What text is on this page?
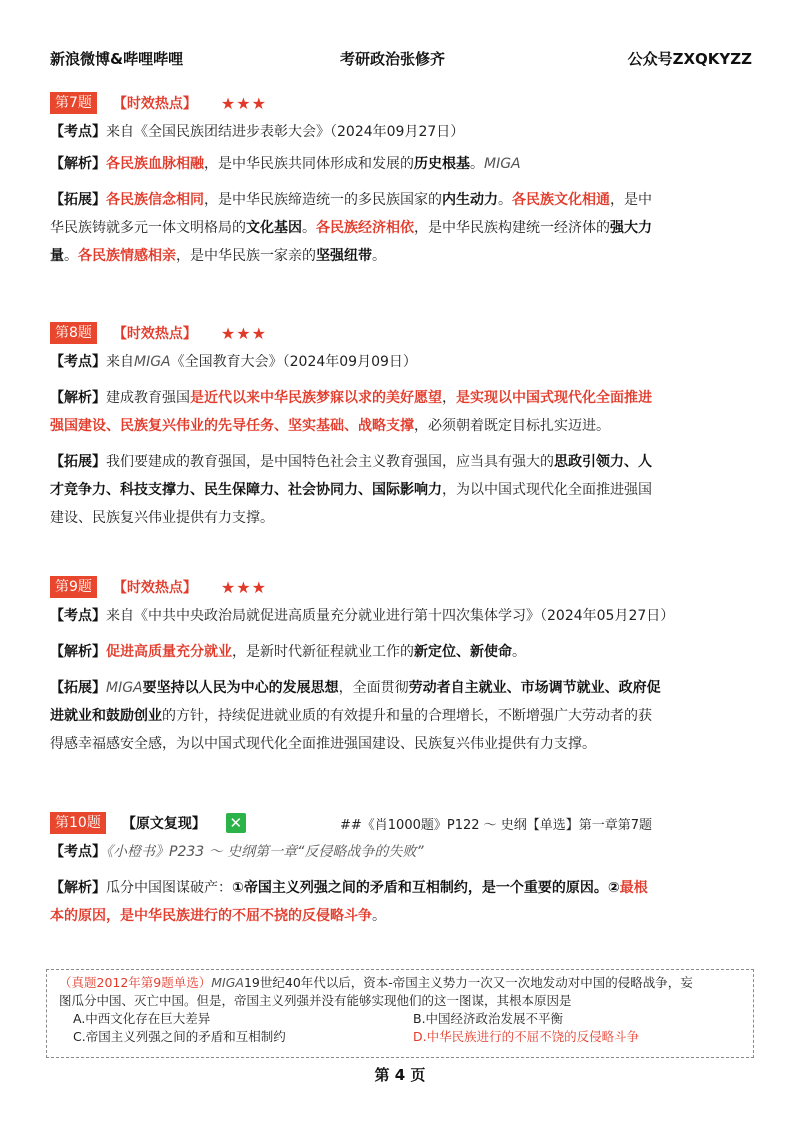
新浪微博&哔哩哔哩	考研政治张修齐	公众号ZXQKYZZ
第7题	【时效热点】 ★★★
【考点】来自《全国民族团结进步表彰大会》（2024年09月27日）
【解析】各民族血脉相融，是中华民族共同体形成和发展的历史根基。MIGA
【拓展】各民族信念相同，是中华民族缔造统一的多民族国家的内生动力。各民族文化相通，是中
华民族铸就多元一体文明格局的文化基因。各民族经济相依，是中华民族构建统一经济体的强大力
量。各民族情感相亲，是中华民族一家亲的坚强纽带。
第8题	【时效热点】 ★★★
【考点】来自MIGA《全国教育大会》（2024年09月09日）
【解析】建成教育强国是近代以来中华民族梦寐以求的美好愿望，是实现以中国式现代化全面推进
强国建设、民族复兴伟业的先导任务、坚实基础、战略支撑，必须朝着既定目标扎实迈进。
【拓展】我们要建成的教育强国，是中国特色社会主义教育强国，应当具有强大的思政引领力、人
才竞争力、科技支撑力、民生保障力、社会协同力、国际影响力，为以中国式现代化全面推进强国
建设、民族复兴伟业提供有力支撑。
第9题	【时效热点】 ★★★
【考点】来自《中共中央政治局就促进高质量充分就业进行第十四次集体学习》（2024年05月27日）
【解析】促进高质量充分就业，是新时代新征程就业工作的新定位、新使命。
【拓展】MIGA要坚持以人民为中心的发展思想，全面贯彻劳动者自主就业、市场调节就业、政府促
进就业和鼓励创业的方针，持续促进就业质的有效提升和量的合理增长，不断增强广大劳动者的获
得感幸福感安全感，为以中国式现代化全面推进强国建设、民族复兴伟业提供有力支撑。
第10题	【原文复现】 ✕	##《肖1000题》P122 ～ 史纲【单选】第一章第7题
【考点】《小橙书》P233 ～ 史纲第一章“反侵略战争的失败”
【解析】瓜分中国图谋破产：①帝国主义列强之间的矛盾和互相制约，是一个重要的原因。②最根
本的原因，是中华民族进行的不屈不挠的反侵略斗争。
（真题2012年第9题单选）MIGA19世纪40年代以后，资本-帝国主义势力一次又一次地发动对中国的侵略战争，妄
图瓜分中国、灭亡中国。但是，帝国主义列强并没有能够实现他们的这一图谋，其根本原因是
A.中西文化存在巨大差异	B.中国经济政治发展不平衡
C.帝国主义列强之间的矛盾和互相制约	D.中华民族进行的不屈不饶的反侵略斗争
第 4 页
